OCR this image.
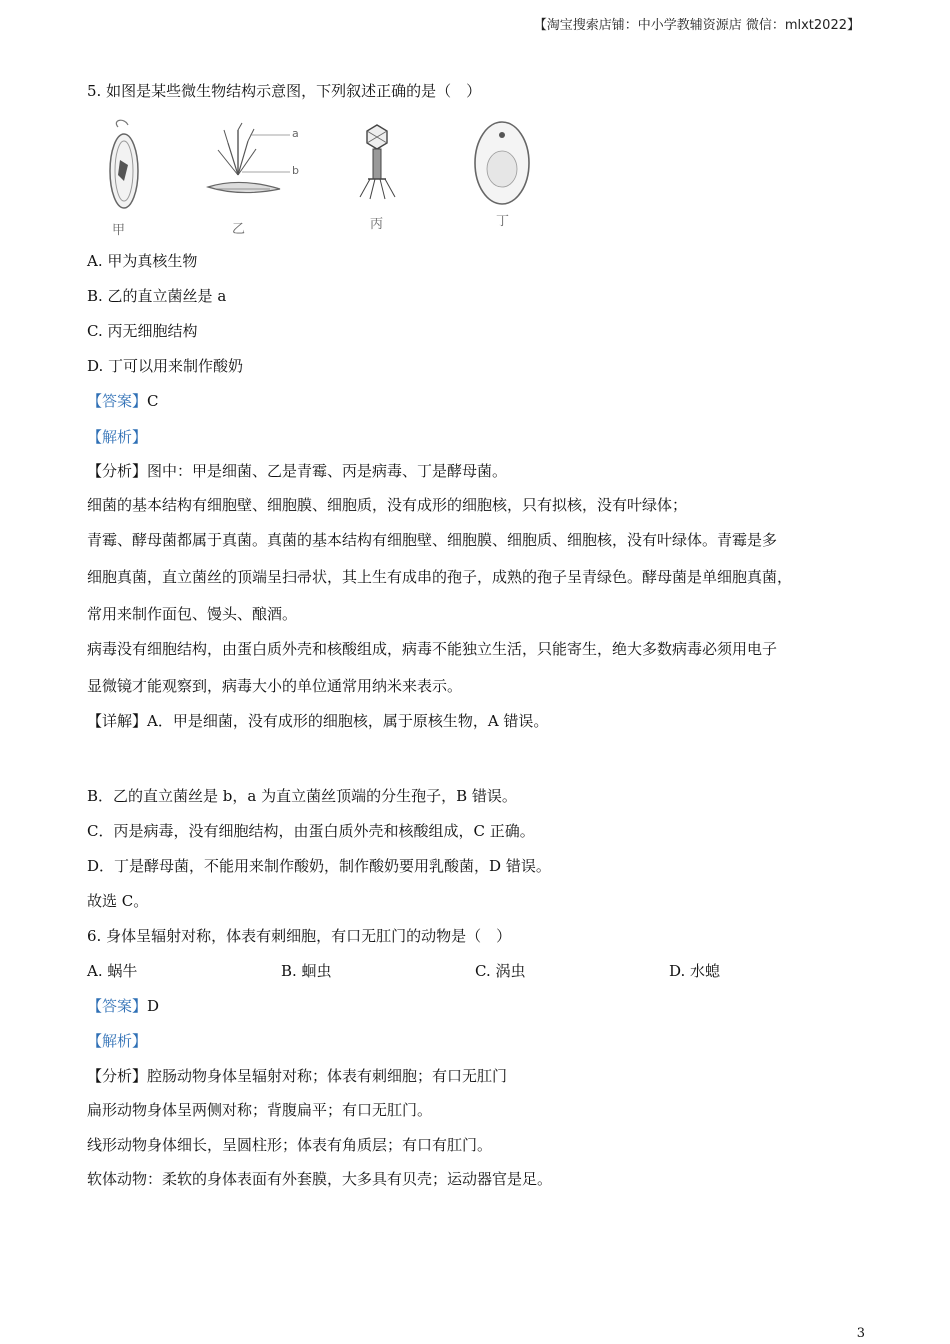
【淘宝搜索店铺：中小学教辅资源店 微信：mlxt2022】
5. 如图是某些微生物结构示意图，下列叙述正确的是（　）
甲	乙	丙	丁
a
b
A. 甲为真核生物
B. 乙的直立菌丝是 a
C. 丙无细胞结构
D. 丁可以用来制作酸奶
【答案】C
【解析】
【分析】图中：甲是细菌、乙是青霉、丙是病毒、丁是酵母菌。
细菌的基本结构有细胞壁、细胞膜、细胞质，没有成形的细胞核，只有拟核，没有叶绿体；
青霉、酵母菌都属于真菌。真菌的基本结构有细胞壁、细胞膜、细胞质、细胞核，没有叶绿体。青霉是多
细胞真菌，直立菌丝的顶端呈扫帚状，其上生有成串的孢子，成熟的孢子呈青绿色。酵母菌是单细胞真菌，
常用来制作面包、馒头、酿酒。
病毒没有细胞结构，由蛋白质外壳和核酸组成，病毒不能独立生活，只能寄生，绝大多数病毒必须用电子
显微镜才能观察到，病毒大小的单位通常用纳米来表示。
【详解】A．甲是细菌，没有成形的细胞核，属于原核生物，A 错误。
B．乙的直立菌丝是 b，a 为直立菌丝顶端的分生孢子，B 错误。
C．丙是病毒，没有细胞结构，由蛋白质外壳和核酸组成，C 正确。
D．丁是酵母菌，不能用来制作酸奶，制作酸奶要用乳酸菌，D 错误。
故选 C。
6. 身体呈辐射对称，体表有刺细胞，有口无肛门的动物是（　）
A. 蜗牛	B. 蛔虫	C. 涡虫	D. 水螅
【答案】D
【解析】
【分析】腔肠动物身体呈辐射对称；体表有刺细胞；有口无肛门
扁形动物身体呈两侧对称；背腹扁平；有口无肛门。
线形动物身体细长，呈圆柱形；体表有角质层；有口有肛门。
软体动物：柔软的身体表面有外套膜，大多具有贝壳；运动器官是足。
3
